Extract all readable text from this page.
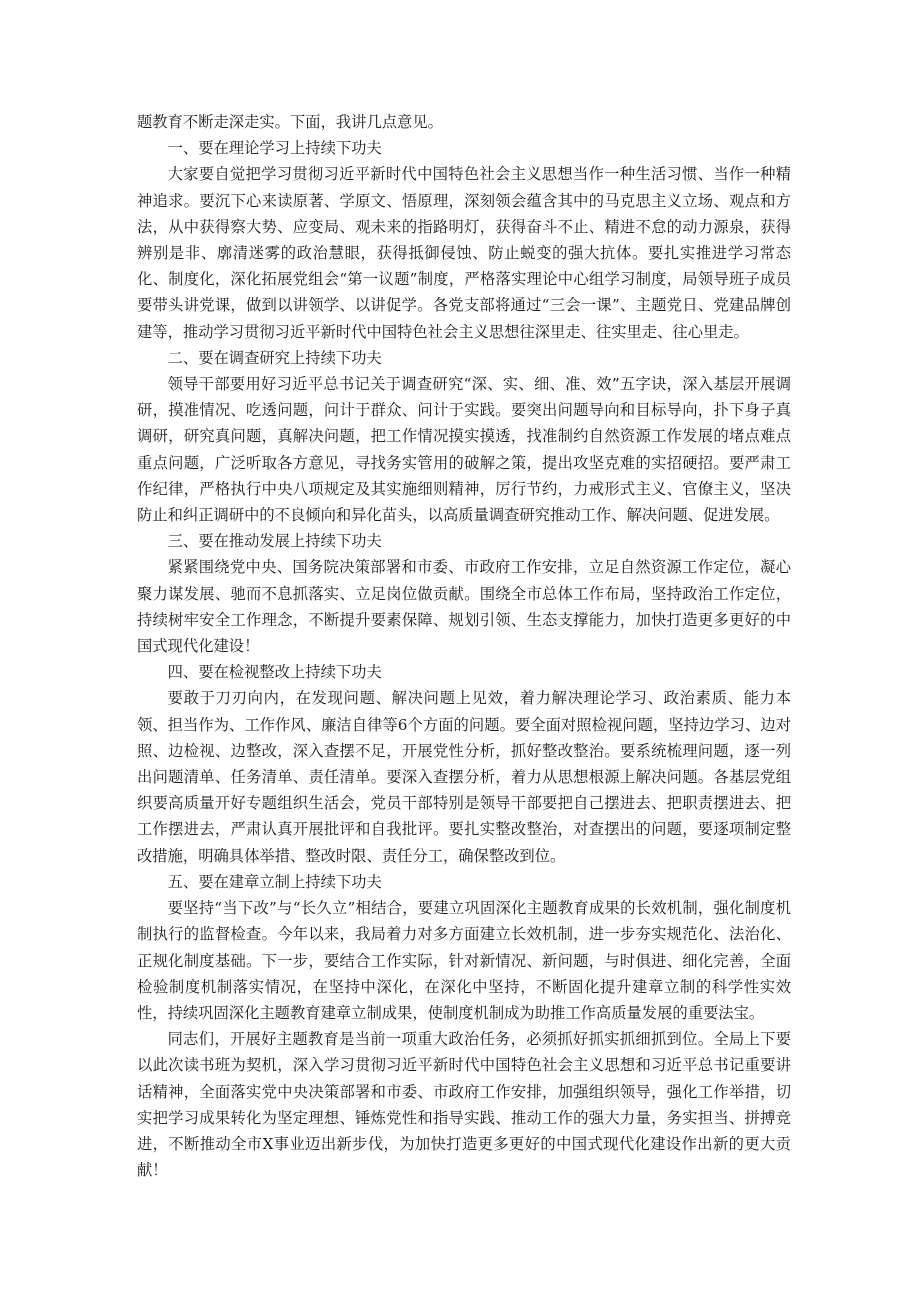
题教育不断走深走实。下面，我讲几点意见。

一、要在理论学习上持续下功夫

大家要自觉把学习贯彻习近平新时代中国特色社会主义思想当作一种生活习惯、当作一种精神追求。要沉下心来读原著、学原文、悟原理，深刻领会蕴含其中的马克思主义立场、观点和方法，从中获得察大势、应变局、观未来的指路明灯，获得奋斗不止、精进不怠的动力源泉，获得辨别是非、廓清迷雾的政治慧眼，获得抵御侵蚀、防止蜕变的强大抗体。要扎实推进学习常态化、制度化，深化拓展党组会“第一议题”制度，严格落实理论中心组学习制度，局领导班子成员要带头讲党课，做到以讲领学、以讲促学。各党支部将通过“三会一课”、主题党日、党建品牌创建等，推动学习贯彻习近平新时代中国特色社会主义思想往深里走、往实里走、往心里走。

二、要在调查研究上持续下功夫

领导干部要用好习近平总书记关于调查研究“深、实、细、准、效”五字诀，深入基层开展调研，摸准情况、吃透问题，问计于群众、问计于实践。要突出问题导向和目标导向，扑下身子真调研，研究真问题，真解决问题，把工作情况摸实摸透，找准制约自然资源工作发展的堵点难点重点问题，广泛听取各方意见，寻找务实管用的破解之策，提出攻坚克难的实招硬招。要严肃工作纪律，严格执行中央八项规定及其实施细则精神，厉行节约，力戒形式主义、官僚主义，坚决防止和纠正调研中的不良倾向和异化苗头，以高质量调查研究推动工作、解决问题、促进发展。

三、要在推动发展上持续下功夫

紧紧围绕党中央、国务院决策部署和市委、市政府工作安排，立足自然资源工作定位，凝心聚力谋发展、驰而不息抓落实、立足岗位做贡献。围绕全市总体工作布局，坚持政治工作定位，持续树牢安全工作理念，不断提升要素保障、规划引领、生态支撑能力，加快打造更多更好的中国式现代化建设！

四、要在检视整改上持续下功夫

要敢于刀刃向内，在发现问题、解决问题上见效，着力解决理论学习、政治素质、能力本领、担当作为、工作作风、廉洁自律等6个方面的问题。要全面对照检视问题，坚持边学习、边对照、边检视、边整改，深入查摆不足，开展党性分析，抓好整改整治。要系统梳理问题，逐一列出问题清单、任务清单、责任清单。要深入查摆分析，着力从思想根源上解决问题。各基层党组织要高质量开好专题组织生活会，党员干部特别是领导干部要把自己摆进去、把职责摆进去、把工作摆进去，严肃认真开展批评和自我批评。要扎实整改整治，对查摆出的问题，要逐项制定整改措施，明确具体举措、整改时限、责任分工，确保整改到位。

五、要在建章立制上持续下功夫

要坚持“当下改”与“长久立”相结合，要建立巩固深化主题教育成果的长效机制，强化制度机制执行的监督检查。今年以来，我局着力对多方面建立长效机制，进一步夯实规范化、法治化、正规化制度基础。下一步，要结合工作实际，针对新情况、新问题，与时俱进、细化完善，全面检验制度机制落实情况，在坚持中深化，在深化中坚持，不断固化提升建章立制的科学性实效性，持续巩固深化主题教育建章立制成果，使制度机制成为助推工作高质量发展的重要法宝。

同志们，开展好主题教育是当前一项重大政治任务，必须抓好抓实抓细抓到位。全局上下要以此次读书班为契机，深入学习贯彻习近平新时代中国特色社会主义思想和习近平总书记重要讲话精神，全面落实党中央决策部署和市委、市政府工作安排，加强组织领导，强化工作举措，切实把学习成果转化为坚定理想、锤炼党性和指导实践、推动工作的强大力量，务实担当、拼搏竞进，不断推动全市X事业迈出新步伐，为加快打造更多更好的中国式现代化建设作出新的更大贡献！
